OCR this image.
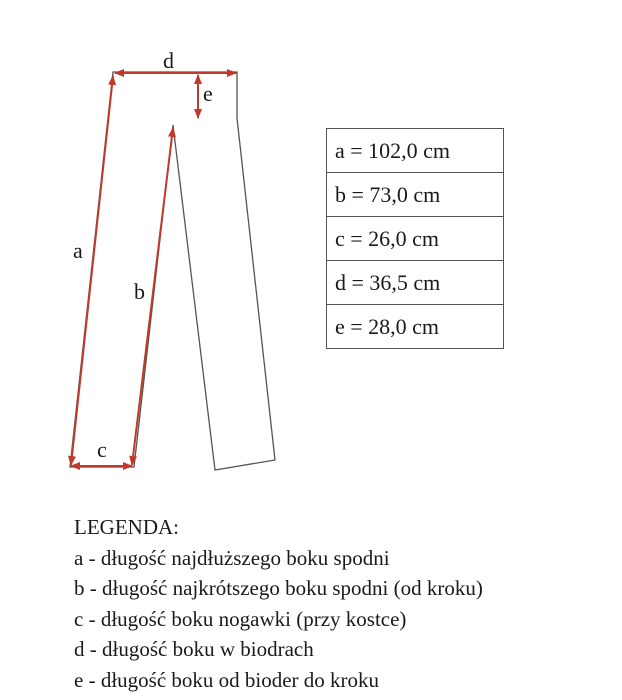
d
e
a
b
c
a = 102,0 cm
b = 73,0 cm
c = 26,0 cm
d = 36,5 cm
e = 28,0 cm
LEGENDA:
a - długość najdłuższego boku spodni
b - długość najkrótszego boku spodni (od kroku)
c - długość boku nogawki (przy kostce)
d - długość boku w biodrach
e - długość boku od bioder do kroku
